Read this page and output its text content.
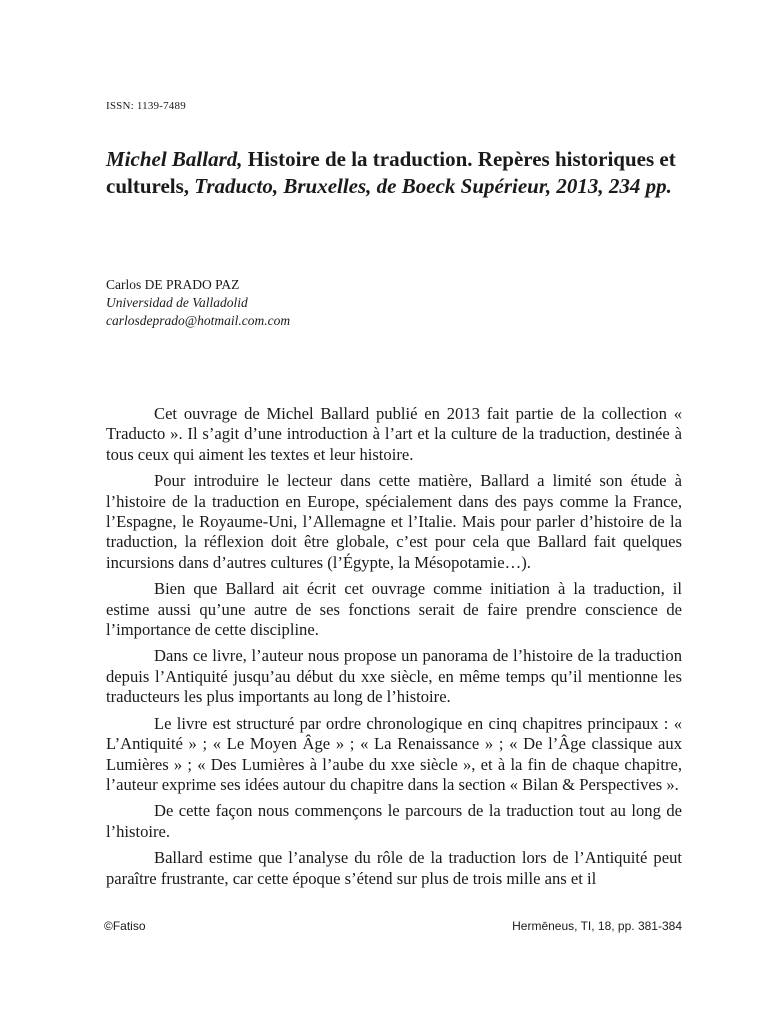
ISSN: 1139-7489
Michel Ballard, Histoire de la traduction. Repères historiques et culturels, Traducto, Bruxelles, de Boeck Supérieur, 2013, 234 pp.
Carlos DE PRADO PAZ
Universidad de Valladolid
carlosdeprado@hotmail.com.com

Cet ouvrage de Michel Ballard publié en 2013 fait partie de la collection « Traducto ». Il s’agit d’une introduction à l’art et la culture de la traduction, destinée à tous ceux qui aiment les textes et leur histoire.

Pour introduire le lecteur dans cette matière, Ballard a limité son étude à l’histoire de la traduction en Europe, spécialement dans des pays comme la France, l’Espagne, le Royaume-Uni, l’Allemagne et l’Italie. Mais pour parler d’histoire de la traduction, la réflexion doit être globale, c’est pour cela que Ballard fait quelques incursions dans d’autres cultures (l’Égypte, la Mésopotamie…).

Bien que Ballard ait écrit cet ouvrage comme initiation à la traduction, il estime aussi qu’une autre de ses fonctions serait de faire prendre conscience de l’importance de cette discipline.

Dans ce livre, l’auteur nous propose un panorama de l’histoire de la traduction depuis l’Antiquité jusqu’au début du xxe siècle, en même temps qu’il mentionne les traducteurs les plus importants au long de l’histoire.

Le livre est structuré par ordre chronologique en cinq chapitres principaux : « L’Antiquité » ; « Le Moyen Âge » ; « La Renaissance » ; « De l’Âge classique aux Lumières » ; « Des Lumières à l’aube du xxe siècle », et à la fin de chaque chapitre, l’auteur exprime ses idées autour du chapitre dans la section « Bilan & Perspectives ».

De cette façon nous commençons le parcours de la traduction tout au long de l’histoire.

Ballard estime que l’analyse du rôle de la traduction lors de l’Antiquité peut paraître frustrante, car cette époque s’étend sur plus de trois mille ans et il

©Fatiso	Hermēneus, TI, 18, pp. 381-384
